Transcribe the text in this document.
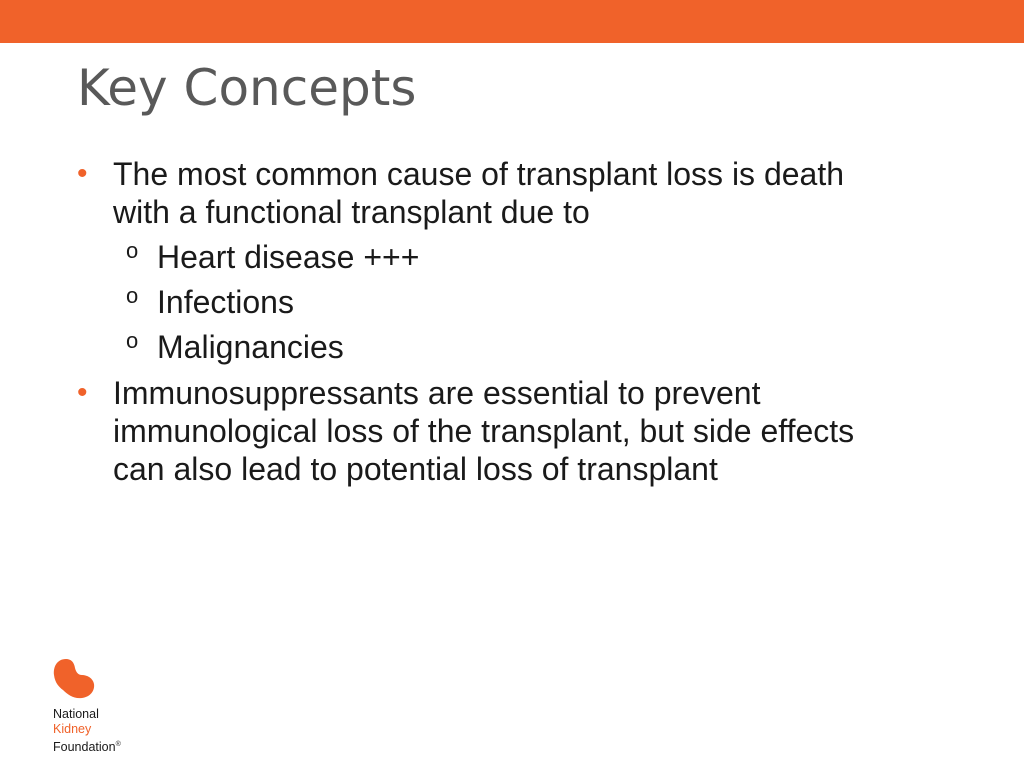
Key Concepts
• The most common cause of transplant loss is death
with a functional transplant due to
o Heart disease +++
o Infections
o Malignancies
• Immunosuppressants are essential to prevent
immunological loss of the transplant, but side effects
can also lead to potential loss of transplant
National
Kidney
Foundation®
